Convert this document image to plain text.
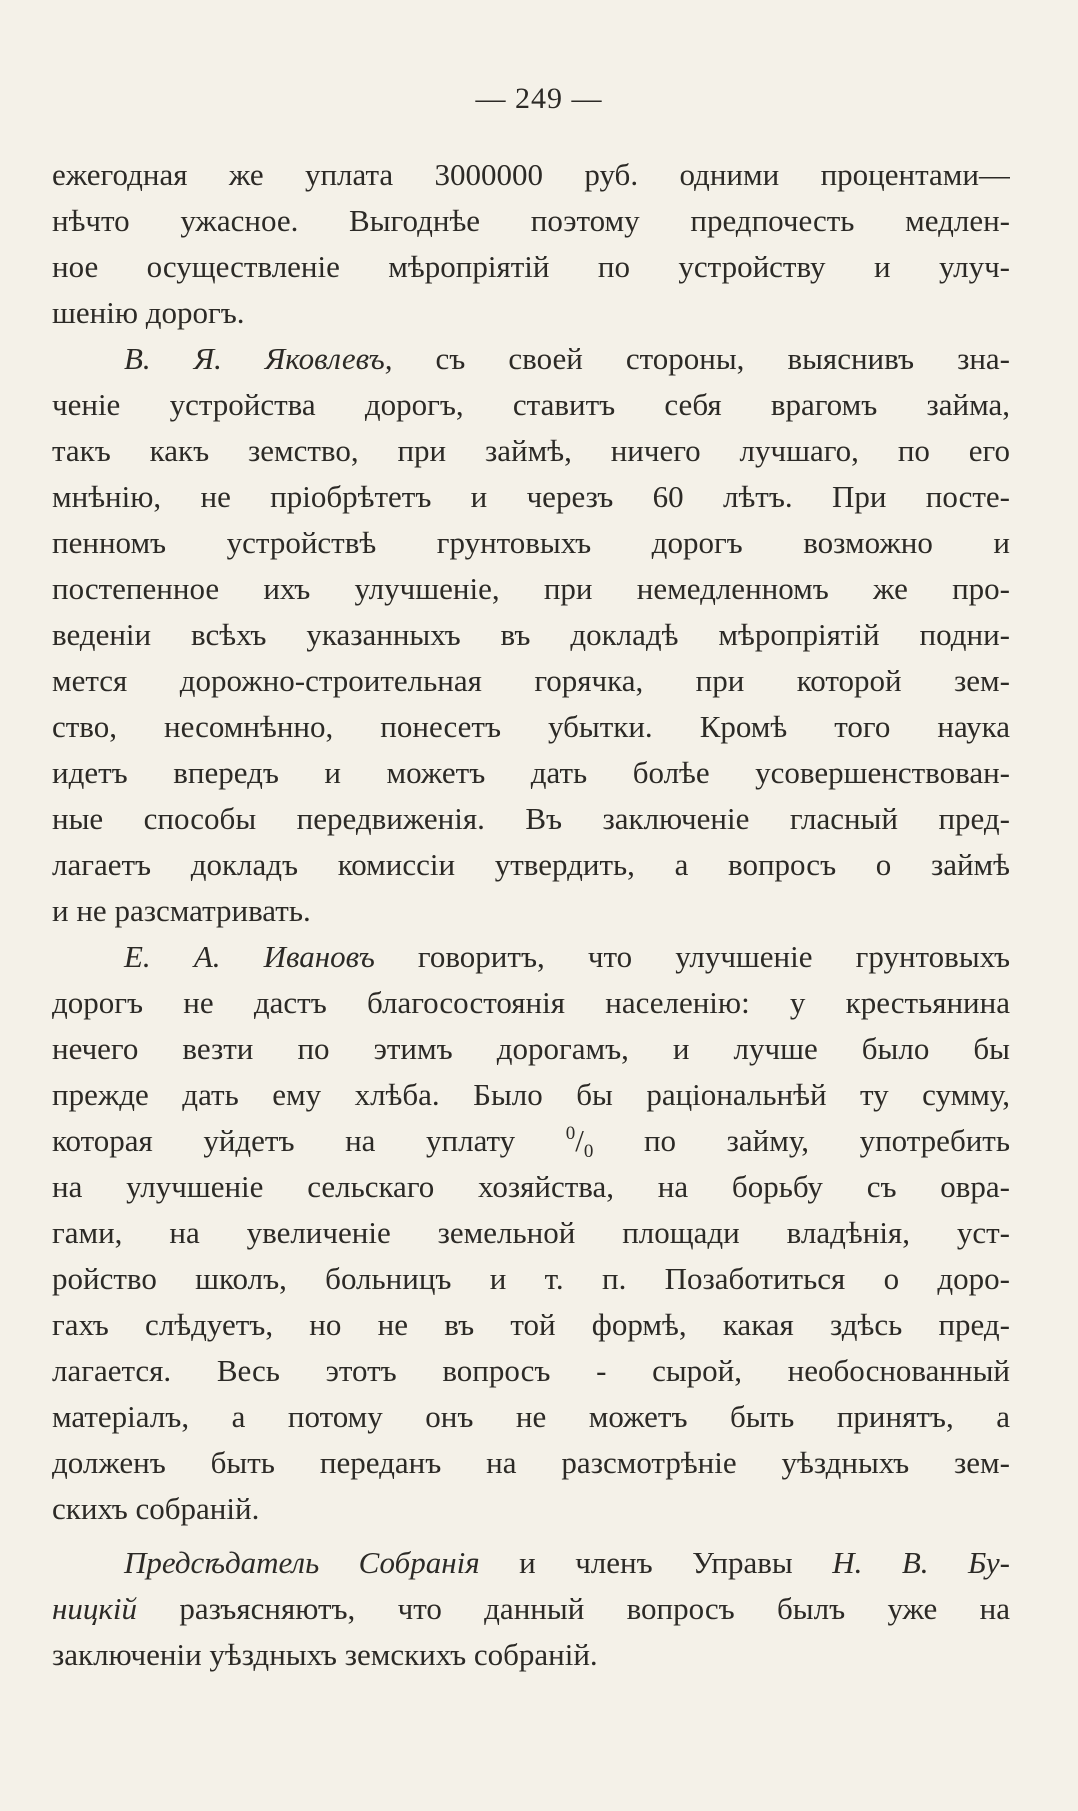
— 249 —
ежегодная же уплата 3000000 руб. одними процентами—
нѣчто ужасное. Выгоднѣе поэтому предпочесть медлен-
ное осуществленіе мѣропріятій по устройству и улуч-
шенію дорогъ.
В. Я. Яковлевъ, съ своей стороны, выяснивъ зна-
ченіе устройства дорогъ, ставитъ себя врагомъ займа,
такъ какъ земство, при займѣ, ничего лучшаго, по его
мнѣнію, не пріобрѣтетъ и черезъ 60 лѣтъ. При посте-
пенномъ устройствѣ грунтовыхъ дорогъ возможно и
постепенное ихъ улучшеніе, при немедленномъ же про-
веденіи всѣхъ указанныхъ въ докладѣ мѣропріятій подни-
мется дорожно-строительная горячка, при которой зем-
ство, несомнѣнно, понесетъ убытки. Кромѣ того наука
идетъ впередъ и можетъ дать болѣе усовершенствован-
ные способы передвиженія. Въ заключеніе гласный пред-
лагаетъ докладъ комиссіи утвердить, а вопросъ о займѣ
и не разсматривать.
Е. А. Ивановъ говоритъ, что улучшеніе грунтовыхъ
дорогъ не дастъ благосостоянія населенію: у крестьянина
нечего везти по этимъ дорогамъ, и лучше было бы
прежде дать ему хлѣба. Было бы раціональнѣй ту сумму,
которая уйдетъ на уплату $^0/_0$ по займу, употребить
на улучшеніе сельскаго хозяйства, на борьбу съ овра-
гами, на увеличеніе земельной площади владѣнія, уст-
ройство школъ, больницъ и т. п. Позаботиться о доро-
гахъ слѣдуетъ, но не въ той формѣ, какая здѣсь пред-
лагается. Весь этотъ вопросъ - сырой, необоснованный
матеріалъ, а потому онъ не можетъ быть принятъ, а
долженъ быть переданъ на разсмотрѣніе уѣздныхъ зем-
скихъ собраній.
Предсѣдатель Собранія и членъ Управы Н. В. Бу-
ницкій разъясняютъ, что данный вопросъ былъ уже на
заключеніи уѣздныхъ земскихъ собраній.
